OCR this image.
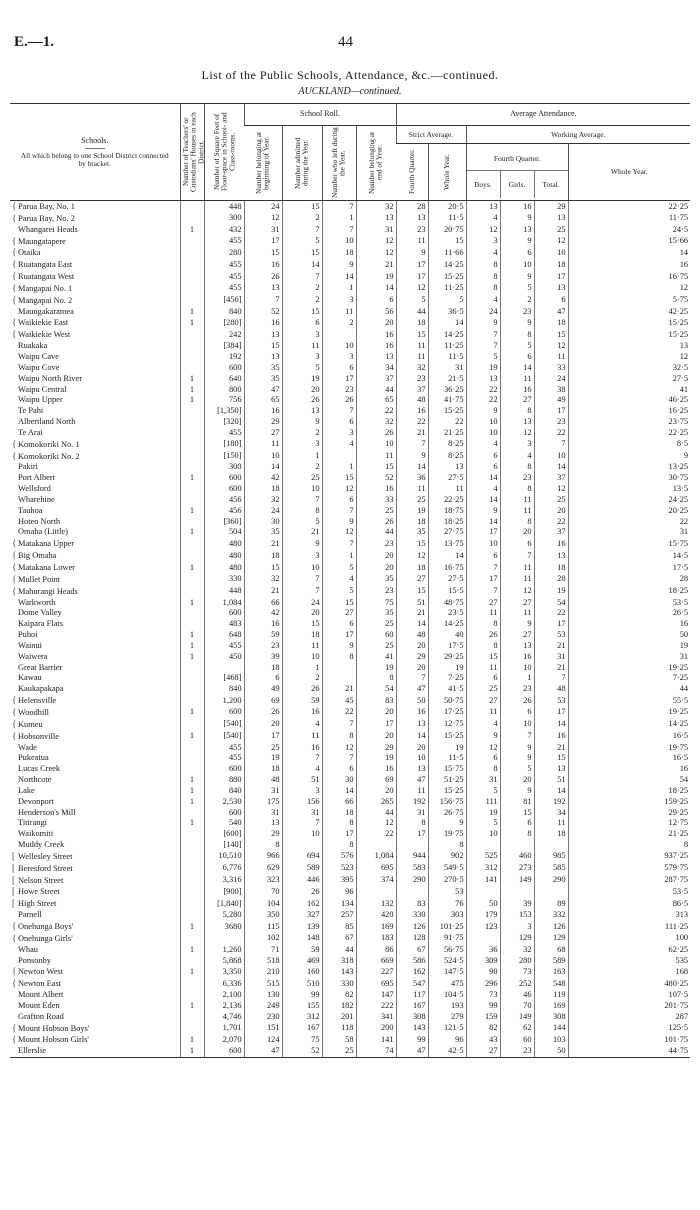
E.—1.	44
List of the Public Schools, Attendance, &c.—continued.
AUCKLAND—continued.
Schools.
All which belong to one School District connected by bracket.	Number of Teachers' or Custodians' Houses in each District.	Number of Square Feet of Floor-space in School- and Class-rooms.	School Roll.				Average Attendance.					

			Number belonging at beginning of Year.	Number admitted during the Year.	Number who left during the Year.	Number belonging at end of Year.	Strict Average.		Working Average.			

							Fourth Quarter.	Whole Year.	Fourth Quarter.
Boys. Girls. Total.			Whole Year.
{ Parua Bay, No. 1		448	24	15	7	32	28	20·5	13	16	29	22·25
{ Parua Bay, No. 2		300	12	2	1	13	13	11·5	4	9	13	11·75
Whangarei Heads	1	432	31	7	7	31	23	20·75	12	13	25	24·5
{ Maungatapere		455	17	5	10	12	11	15	3	9	12	15·66
{ Otaika		280	15	15	18	12	9	11·66	4	6	10	14
{ Ruatangata East		455	16	14	9	21	17	14·25	8	10	18	16
{ Ruatangata West		455	26	7	14	19	17	15·25	8	9	17	16·75
{ Mangapai No. 1		455	13	2	1	14	12	11·25	8	5	13	12
{ Mangapai No. 2		[456]	7	2	3	6	5	5	4	2	6	5·75
Maungakaramea	1	840	52	15	11	56	44	36·5	24	23	47	42·25
{ Waikiekie East	1	[280]	16	6	2	20	18	14	9	9	18	15·25
{ Waikiekie West		242	13	3		16	15	14·25	7	8	15	15·25
Ruakaka		[384]	15	11	10	16	11	11·25	7	5	12	13
Waipu Cave		192	13	3	3	13	11	11·5	5	6	11	12
Waipu Cove		600	35	5	6	34	32	31	19	14	33	32·5
Waipu North River	1	640	35	19	17	37	23	21·5	13	11	24	27·5
Waipu Central	1	800	47	20	23	44	37	36·25	22	16	38	41
Waipu Upper	1	756	65	26	26	65	48	41·75	22	27	49	46·25
Te Pahi		[1,350]	16	13	7	22	16	15·25	9	8	17	16·25
Albertland North		[320]	29	9	6	32	22	22	10	13	23	23·75
Te Arai		455	27	2	3	26	21	21·25	10	12	22	22·25
{ Komokoriki No. 1		[180]	11	3	4	10	7	8·25	4	3	7	8·5
{ Komokoriki No. 2		[150]	10	1		11	9	8·25	6	4	10	9
Pakiri		300	14	2	1	15	14	13	6	8	14	13·25
Port Albert	1	600	42	25	15	52	36	27·5	14	23	37	30·75
Wellsford		600	18	10	12	16	11	11	4	8	12	13·5
Wharehine		456	32	7	6	33	25	22·25	14	11	25	24·25
Tauhoa	1	456	24	8	7	25	19	18·75	9	11	20	20·25
Hoteo North		[360]	30	5	9	26	18	18·25	14	8	22	22
Omaha (Little)	1	504	35	21	12	44	35	27·75	17	20	37	31
{ Matakana Upper		480	21	9	7	23	15	13·75	10	6	16	15·75
{ Big Omaha		480	18	3	1	20	12	14	6	7	13	14·5
{ Matakana Lower	1	480	15	10	5	20	18	16·75	7	11	18	17·5
{ Mullet Point		330	32	7	4	35	27	27·5	17	11	28	28
{ Mahurangi Heads		448	21	7	5	23	15	15·5	7	12	19	18·25
Warkworth	1	1,084	66	24	15	75	51	48·75	27	27	54	53·5
Dome Valley		600	42	20	27	35	21	23·5	11	11	22	26·5
Kaipara Flats		483	16	15	6	25	14	14·25	8	9	17	16
Puhoi	1	648	59	18	17	60	48	40	26	27	53	50
Wainui	1	455	23	11	9	25	20	17·5	8	13	21	19
Waiwera	1	450	39	10	8	41	29	29·25	15	16	31	31
Great Barrier			18	1		19	20	19	11	10	21	19·25
Kawau		[468]	6	2		8	7	7·25	6	1	7	7·25
Kaukapakapa		840	49	26	21	54	47	41·5	25	23	48	44
{ Helensville		1,200	69	59	45	83	50	50·75	27	26	53	55·5
{ Woodhill	1	600	26	16	22	20	16	17·25	11	6	17	19·25
{ Kumeu		[540]	20	4	7	17	13	12·75	4	10	14	14·25
{ Hobsonville	1	[540]	17	11	8	20	14	15·25	9	7	16	16·5
Wade		455	25	16	12	29	20	19	12	9	21	19·75
Pukeatua		455	19	7	7	19	10	11·5	6	9	15	16·5
Lucas Creek		600	18	4	6	16	13	15·75	8	5	13	16
Northcote	1	880	48	51	30	69	47	51·25	31	20	51	54
Lake	1	840	31	3	14	20	11	15·25	5	9	14	18·25
Devonport	1	2,530	175	156	66	265	192	156·75	111	81	192	159·25
Henderson's Mill		600	31	31	18	44	31	26·75	19	15	34	29·25
Titirangi	1	540	13	7	8	12	8	9	5	6	11	12·75
Waikomiti		[600]	29	10	17	22	17	19·75	10	8	18	21·25
Muddy Creek		[140]	8		8			8				8
[ Wellesley Street		10,510	966	694	576	1,084	944	902	525	460	985	937·25
[ Beresford Street		6,776	629	589	523	695	583	549·5	312	273	585	579·75
[ Nelson Street		3,316	323	446	395	374	290	270·5	141	149	290	287·75
[ Howe Street		[900]	70	26	96			53				53·5
[ High Street		[1,840]	104	162	134	132	83	76	50	39	89	86·5
Parnell		5,280	350	327	257	420	330	303	179	153	332	313
{ Onehunga Boys'	1	3680	115	139	85	169	126	101·25	123	3	126	111·25
{ Onehunga Girls'			102	148	67	183	128	91·75		129	129	100
Whau	1	1,260	71	59	44	86	67	56·75	36	32	68	62·25
Ponsonby		5,868	518	469	318	669	586	524·5	309	280	589	535
{ Newton West	1	3,350	210	160	143	227	162	147·5	90	73	163	168
{ Newton East		6,336	515	510	330	695	547	475	296	252	548	480·25
Mount Albert		2,100	130	99	82	147	117	104·5	73	46	119	107·5
Mount Eden	1	2,136	249	155	182	222	167	193	99	70	169	201·75
Grafton Road		4,746	230	312	201	341	308	279	159	149	308	287
{ Mount Hobson Boys'		1,701	151	167	118	200	143	121·5	82	62	144	125·5
{ Mount Hobson Girls'	1	2,070	124	75	58	141	99	96	43	60	103	101·75
Ellerslie	1	600	47	52	25	74	47	42·5	27	23	50	44·75
